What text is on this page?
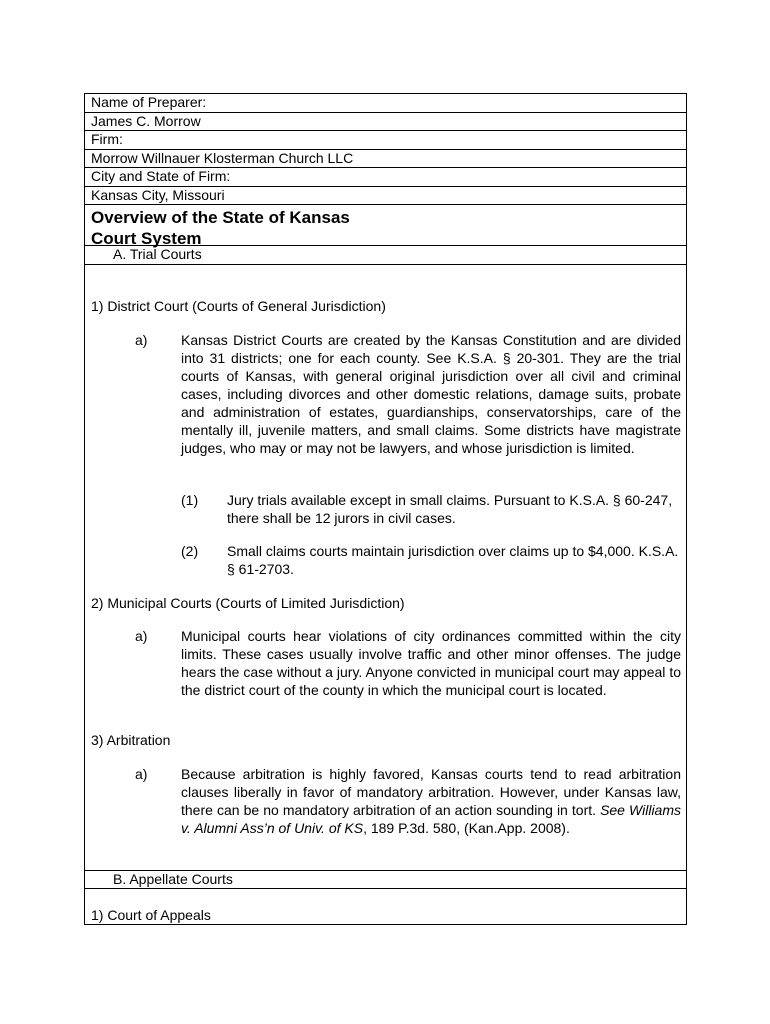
Name of Preparer:
James C. Morrow
Firm:
Morrow Willnauer Klosterman Church LLC
City and State of Firm:
Kansas City, Missouri
Overview of the State of Kansas
Court System
A. Trial Courts
1) District Court (Courts of General Jurisdiction)
a) Kansas District Courts are created by the Kansas Constitution and are divided into 31 districts; one for each county. See K.S.A. § 20-301. They are the trial courts of Kansas, with general original jurisdiction over all civil and criminal cases, including divorces and other domestic relations, damage suits, probate and administration of estates, guardianships, conservatorships, care of the mentally ill, juvenile matters, and small claims. Some districts have magistrate judges, who may or may not be lawyers, and whose jurisdiction is limited.
(1) Jury trials available except in small claims. Pursuant to K.S.A. § 60-247, there shall be 12 jurors in civil cases.
(2) Small claims courts maintain jurisdiction over claims up to $4,000. K.S.A. § 61-2703.
2) Municipal Courts (Courts of Limited Jurisdiction)
a) Municipal courts hear violations of city ordinances committed within the city limits. These cases usually involve traffic and other minor offenses. The judge hears the case without a jury. Anyone convicted in municipal court may appeal to the district court of the county in which the municipal court is located.
3) Arbitration
a) Because arbitration is highly favored, Kansas courts tend to read arbitration clauses liberally in favor of mandatory arbitration. However, under Kansas law, there can be no mandatory arbitration of an action sounding in tort. See Williams v. Alumni Ass’n of Univ. of KS, 189 P.3d. 580, (Kan.App. 2008).
B. Appellate Courts
1) Court of Appeals
